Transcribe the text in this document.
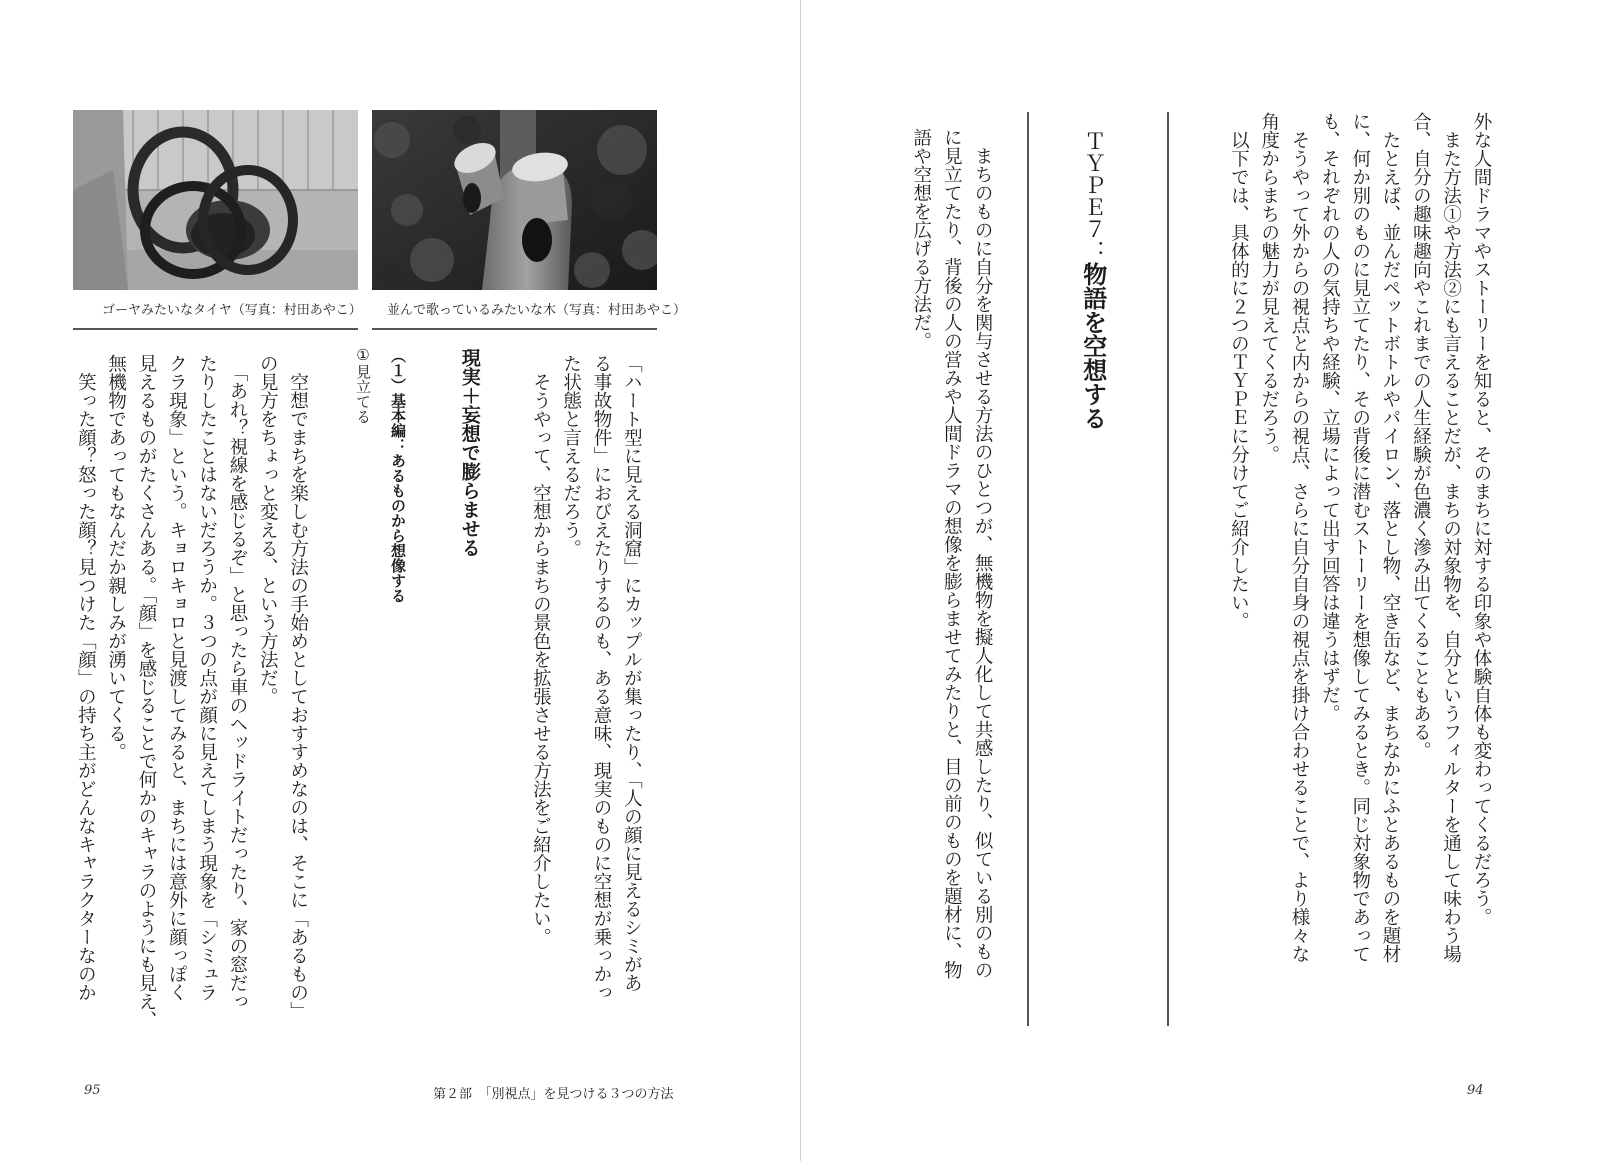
外な人間ドラマやストーリーを知ると、そのまちに対する印象や体験自体も変わってくるだろう。
　また方法①や方法②にも言えることだが、まちの対象物を、自分というフィルターを通して味わう場
合、自分の趣味趣向やこれまでの人生経験が色濃く滲み出てくることもある。
　たとえば、並んだペットボトルやパイロン、落とし物、空き缶など、まちなかにふとあるものを題材
に、何か別のものに見立てたり、その背後に潜むストーリーを想像してみるとき。同じ対象物であって
も、それぞれの人の気持ちや経験、立場によって出す回答は違うはずだ。
　そうやって外からの視点と内からの視点、さらに自分自身の視点を掛け合わせることで、より様々な
角度からまちの魅力が見えてくるだろう。
　以下では、具体的に２つのＴＹＰＥに分けてご紹介したい。
ＴＹＰＥ７：物語を空想する
　まちのものに自分を関与させる方法のひとつが、無機物を擬人化して共感したり、似ている別のもの
に見立てたり、背後の人の営みや人間ドラマの想像を膨らませてみたりと、目の前のものを題材に、物
語や空想を広げる方法だ。
94
並んで歌っているみたいな木（写真：村田あやこ）
ゴーヤみたいなタイヤ（写真：村田あやこ）
「ハート型に見える洞窟」にカップルが集ったり、「人の顔に見えるシミがあ
る事故物件」におびえたりするのも、ある意味、現実のものに空想が乗っかっ
た状態と言えるだろう。
　そうやって、空想からまちの景色を拡張させる方法をご紹介したい。
現実＋妄想で膨らませる
（１）基本編：あるものから想像する
①見立てる
　空想でまちを楽しむ方法の手始めとしておすすめなのは、そこに「あるもの」
の見方をちょっと変える、という方法だ。
　「あれ？視線を感じるぞ」と思ったら車のヘッドライトだったり、家の窓だっ
たりしたことはないだろうか。３つの点が顔に見えてしまう現象を「シミュラ
クラ現象」という。キョロキョロと見渡してみると、まちには意外に顔っぽく
見えるものがたくさんある。「顔」を感じることで何かのキャラのようにも見え、
無機物であってもなんだか親しみが湧いてくる。
　笑った顔？怒った顔？見つけた「顔」の持ち主がどんなキャラクターなのか
95	第２部　「別視点」を見つける３つの方法
